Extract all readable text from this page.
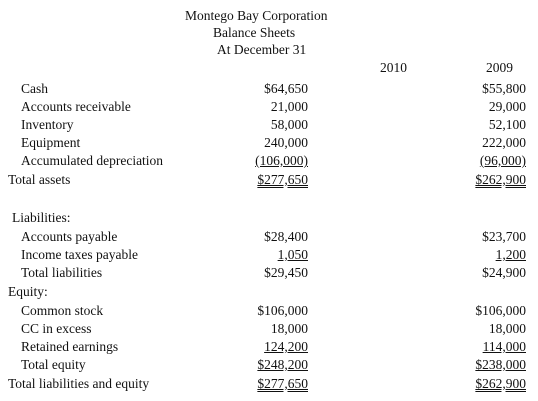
Montego Bay Corporation
Balance Sheets
At December 31
2010	2009
Cash	$64,650	$55,800
Accounts receivable	21,000	29,000
Inventory	58,000	52,100
Equipment	240,000	222,000
Accumulated depreciation	(106,000)	(96,000)
Total assets	$277,650	$262,900
Liabilities:
Accounts payable	$28,400	$23,700
Income taxes payable	1,050	1,200
Total liabilities	$29,450	$24,900
Equity:
Common stock	$106,000	$106,000
CC in excess	18,000	18,000
Retained earnings	124,200	114,000
Total equity	$248,200	$238,000
Total liabilities and equity	$277,650	$262,900
